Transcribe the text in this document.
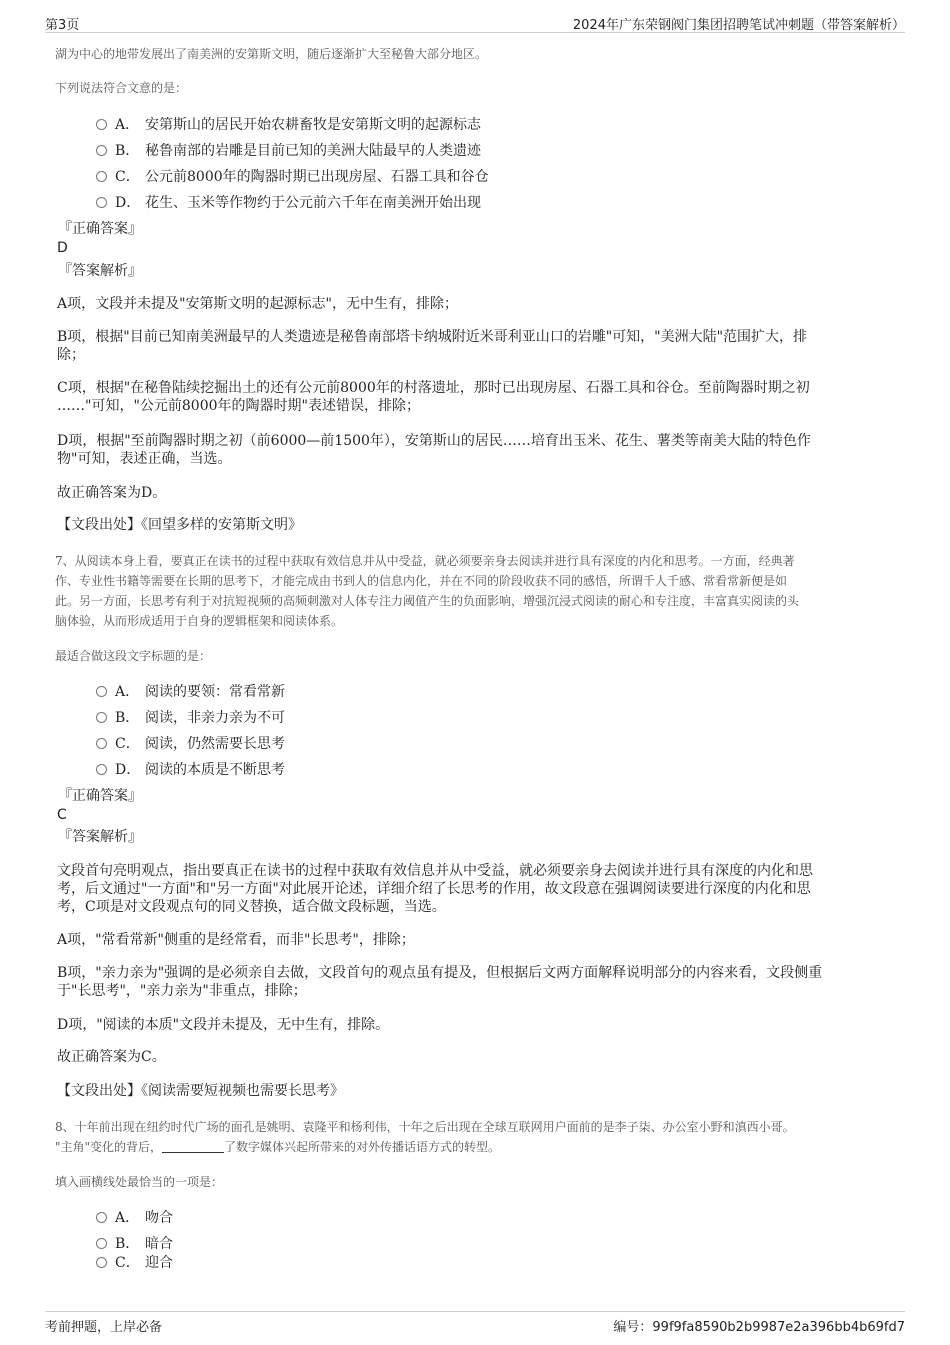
第3页	2024年广东荣钢阀门集团招聘笔试冲刺题（带答案解析）
湖为中心的地带发展出了南美洲的安第斯文明，随后逐渐扩大至秘鲁大部分地区。
下列说法符合文意的是：
A． 安第斯山的居民开始农耕畜牧是安第斯文明的起源标志
B． 秘鲁南部的岩雕是目前已知的美洲大陆最早的人类遗迹
C． 公元前8000年的陶器时期已出现房屋、石器工具和谷仓
D． 花生、玉米等作物约于公元前六千年在南美洲开始出现
『正确答案』
D
『答案解析』
A项，文段并未提及"安第斯文明的起源标志"，无中生有，排除；
B项，根据"目前已知南美洲最早的人类遗迹是秘鲁南部塔卡纳城附近米哥利亚山口的岩雕"可知，"美洲大陆"范围扩大，排
除；
C项，根据"在秘鲁陆续挖掘出土的还有公元前8000年的村落遗址，那时已出现房屋、石器工具和谷仓。至前陶器时期之初
……"可知，"公元前8000年的陶器时期"表述错误，排除；
D项，根据"至前陶器时期之初（前6000—前1500年），安第斯山的居民……培育出玉米、花生、薯类等南美大陆的特色作
物"可知，表述正确，当选。
故正确答案为D。
【文段出处】《回望多样的安第斯文明》
7、从阅读本身上看，要真正在读书的过程中获取有效信息并从中受益，就必须要亲身去阅读并进行具有深度的内化和思考。一方面，经典著
作、专业性书籍等需要在长期的思考下，才能完成由书到人的信息内化，并在不同的阶段收获不同的感悟，所谓千人千感、常看常新便是如
此。另一方面，长思考有利于对抗短视频的高频刺激对人体专注力阈值产生的负面影响，增强沉浸式阅读的耐心和专注度，丰富真实阅读的头
脑体验，从而形成适用于自身的逻辑框架和阅读体系。
最适合做这段文字标题的是：
A． 阅读的要领：常看常新
B． 阅读，非亲力亲为不可
C． 阅读，仍然需要长思考
D． 阅读的本质是不断思考
『正确答案』
C
『答案解析』
文段首句亮明观点，指出要真正在读书的过程中获取有效信息并从中受益，就必须要亲身去阅读并进行具有深度的内化和思
考，后文通过"一方面"和"另一方面"对此展开论述，详细介绍了长思考的作用，故文段意在强调阅读要进行深度的内化和思
考，C项是对文段观点句的同义替换，适合做文段标题，当选。
A项，"常看常新"侧重的是经常看，而非"长思考"，排除；
B项，"亲力亲为"强调的是必须亲自去做，文段首句的观点虽有提及，但根据后文两方面解释说明部分的内容来看，文段侧重
于"长思考"，"亲力亲为"非重点，排除；
D项，"阅读的本质"文段并未提及，无中生有，排除。
故正确答案为C。
【文段出处】《阅读需要短视频也需要长思考》
8、十年前出现在纽约时代广场的面孔是姚明、袁隆平和杨利伟，十年之后出现在全球互联网用户面前的是李子柒、办公室小野和滇西小哥。
"主角"变化的背后，	了数字媒体兴起所带来的对外传播话语方式的转型。
填入画横线处最恰当的一项是：
A． 吻合
B． 暗合
C． 迎合
考前押题，上岸必备	编号：99f9fa8590b2b9987e2a396bb4b69fd7
